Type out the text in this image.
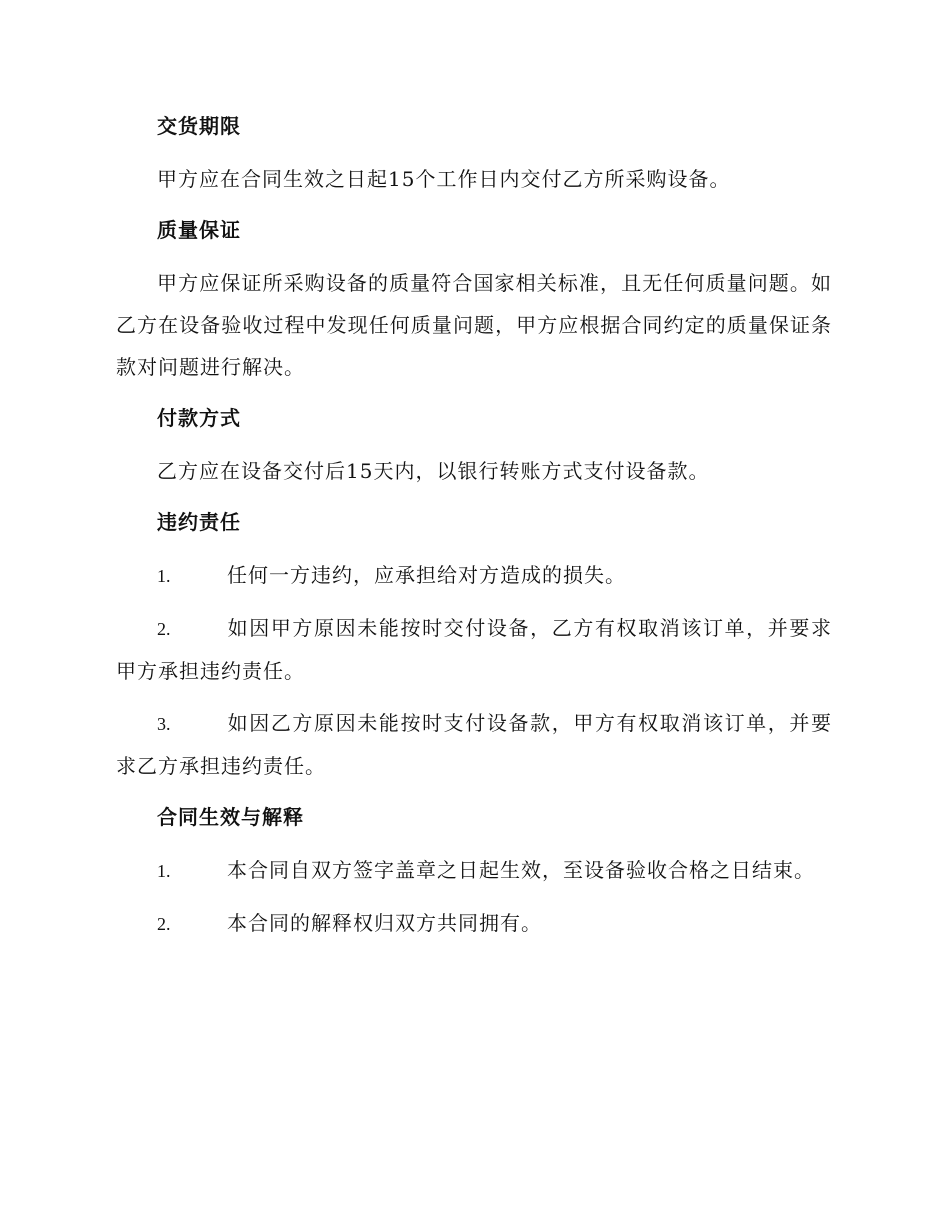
交货期限

甲方应在合同生效之日起15个工作日内交付乙方所采购设备。

质量保证

甲方应保证所采购设备的质量符合国家相关标准，且无任何质量问题。如乙方在设备验收过程中发现任何质量问题，甲方应根据合同约定的质量保证条款对问题进行解决。

付款方式

乙方应在设备交付后15天内，以银行转账方式支付设备款。

违约责任

1.	任何一方违约，应承担给对方造成的损失。

2.	如因甲方原因未能按时交付设备，乙方有权取消该订单，并要求甲方承担违约责任。

3.	如因乙方原因未能按时支付设备款，甲方有权取消该订单，并要求乙方承担违约责任。

合同生效与解释

1.	本合同自双方签字盖章之日起生效，至设备验收合格之日结束。

2.	本合同的解释权归双方共同拥有。
